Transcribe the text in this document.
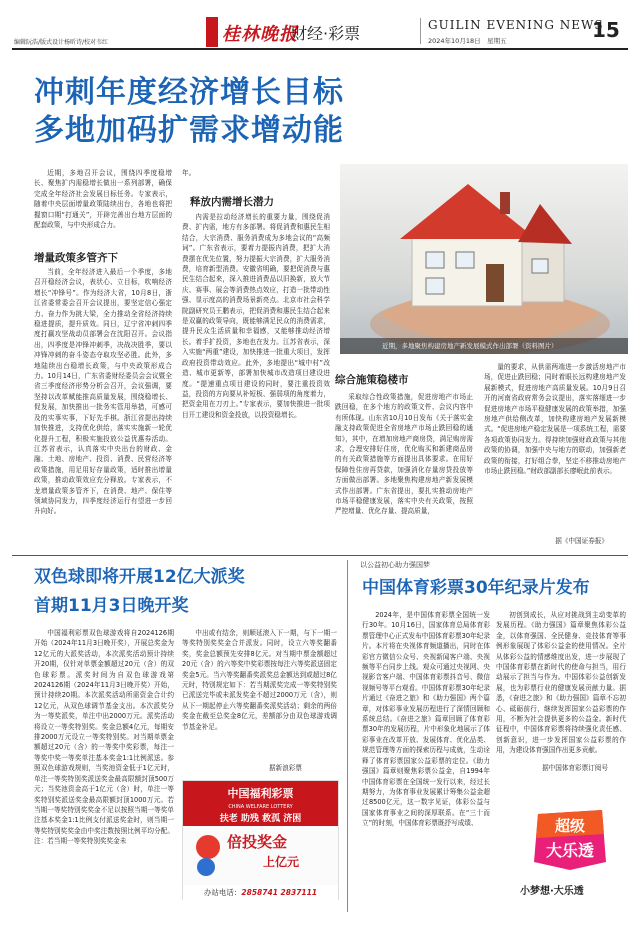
编辑阮浩/版式设计杨昕诗/校对韦红	桂林晚报
财经·彩票	GUILIN EVENING NEWS
2024年10月18日　星期五	15
冲刺年度经济增长目标
多地加码扩需求增动能

近期，多地召开会议，围绕四季度稳增长、聚焦扩内需稳增长做出一系列部署，确保完成全年经济社会发展目标任务。专家表示，随着中央层面增量政策陆续出台，各地也将把握窗口期“打通关”，开辟完善出台地方层面的配套政策，与中央形成合力。

增量政策多管齐下

当前，全年经济进入最后一个季度，多地召开稳经济会议，表状心、立目标，吹响经济增长“冲锋号”。作为经济大省，10月8日，浙江省委常委会召开会议提出，要坚定信心强定力、奋力作为挑大梁，全力推动全省经济持续稳进提质，提升质效。同日，辽宁省冲刺四季度打赢攻坚战动员部署会在沈阳召开。会议指出，四季度是冲锋冲刺季，决战决胜季，要以冲锋冲刺的奋斗姿态夺取攻坚必胜。此外，多地陆续出台稳增长政策，与中央政策形成合力。10月14日，广东省委财经委员会会议暨全省三季度经济形势分析会召开，会议强调，要坚持以改革赋能推高质量发展，围绕稳增长、促发展，加快推出一批务实管用举措，可感可及的实事实事，下好先手棋。浙江省提出持续加快推进，支持优化供给，落实实施新一轮优化提升工程，积极实施投放公益优惠券活动。江苏省表示，认真落实中央出台的财政、金融、土地、房地产、投资、消费、民营经济等政策措施，用足用好存量政策，适时推出增量政策，推动政策效应充分释放。专家表示，不龙增量政策多管齐下，在消费、地产、保住等领域协同发力，四季度经济运行有望进一步回升向好。

年。
释放内需增长潜力

内需是拉动经济增长的重要力量，围绕促消费、扩内需，地方有多部署。将促消费和惠民生相结合，大宗消费、服务消费成为多地会议的“高频词”。广东省表示，要着力提振内消费，把扩大消费摆在优先位置，努力提振大宗消费，扩大服务消费，培育新型消费。安徽省明确，要把促消费与惠民生结合起来，深入推进消费品以旧换新，放大节庆、赛事、展会等消费热点效应，打造一批带动性强、显示度高的消费场景新亮点。北京市社会科学院副研究员王鹏表示，把促消费和惠民生结合起来是双赢的政策导向，既能够满足民众的消费需求，提升民众生活质量和幸福感，又能够推动经济增长。着手扩投资，多地也在发力。江苏省表示，深入实施“两重”建设，加快推进一批重大项目，发挥政府投资带动效应。此外，多地提出“城中村”改造、城市更新等，部署加快城市改造项目建设进度。“提速重点项目建设的同时，要注重投资效益，投资的方向要从补短板、强弱项的角度着力，把资金用在刀刃上。”专家表示，要加快推进一批项目开工建设和资金投放，以投资稳增长。

近期，多地聚焦构建房地产新发展模式作出部署（资料图片）
综合施策稳楼市

采取综合性政策措施，促进房地产市场止跌回稳，在多个地方的政策文件、会议内容中有所体现。山东省10月10日发布《关于落实金融支持政策促进全省房地产市场止跌回稳的通知》，其中，在增加房地产商房贷，满足购房需求，合理安排好住房，优化购买和新建商品房的有关政策措施等方面提出具体要求。在用好保障性住房再贷款，加强消化存量房贷投放等方面做出部署。多地聚焦构建房地产新发展模式作出部署。广东省提出，要扎实推动房地产市场平稳健康发展，落实中央有关政策，按照严控增量、优化存量、提高质量，

量的要求，从供需两端进一步激活房地产市场，促进止跌回稳；同时着眼长远构建房地产发展新模式，促进房地产高质量发展。10月9日召开的河南省政府常务会议提出，落实落细进一步促进房地产市场平稳健康发展的政策举措，加强房地产供给侧改革，加快构建房地产发展新模式。“促进房地产稳定发展是一项系统工程，需要各项政策协同发力。得持续加强财政政策与其他政策的协调，加强中央与地方的联动，加强新老政策的衔接，打好组合拳，坚定不移推动房地产市场止跌回稳。”财政部副部长廖岷此前表示。

据《中国证券报》
双色球即将开展12亿大派奖
首期11月3日晚开奖

中国福利彩票双色球游戏将自2024126期开始（2024年11月3日晚开奖），开展总奖金为12亿元的大派奖活动，本次派奖活动预计持续开20期，仅针对单票金额超过20元（含）的双色球彩票。派奖时间为自双色球游戏第2024126期（2024年11月3日晚开奖）开始，预计持续20期。本次派奖活动所需资金合计约12亿元，从双色球调节基金支出。本次派奖分为一等奖派奖，单注中出2000万元。派奖活动将设立一等奖特别奖。奖金总额4亿元，每期安排2000万元设立一等奖特别奖。对当期单票金额超过20元（含）的一等奖中奖彩票，每注一等奖中奖一等奖单注基本奖金1:1比例派送。参照双色球游戏规则，当奖池资金低于1亿元时，单注一等奖特别奖派送奖金最高限额封顶500万元；当奖池资金高于1亿元（含）时，单注一等奖特别奖派送奖金最高限额封顶1000万元。若当期一等奖特别奖奖金不足以按照当期一等奖单注基本奖金1:1比例支付派送奖金时，则当期一等奖特别奖奖金由中奖注数按照比例平均分配。注：若当期一等奖特别奖奖金未

中出或有结余，则顺延滚入下一期，与下一期一等奖特别奖奖金合并派发。同时，设立六等奖翻番奖，奖金总额预先安排8亿元。对当期中票金额超过20元（含）的六等奖中奖彩票按每注六等奖派送固定奖金5元。当六等奖翻番奖派奖总金额达到或超过8亿元时，特别规定如下：若当期派奖完成一等奖特别奖已派送完毕或未派发奖金不超过2000万元（含），则从下一期起停止六等奖翻番奖派奖活动；剩余的两倍奖金在截至总奖金8亿元，差额部分由双色球游戏调节基金补足。

据新浪彩票
中国福利彩票
CHINA WELFARE LOTTERY
扶老 助残 救孤 济困
倍投奖金
上亿元
办站电话：2858741 2837111
以公益初心助力强国梦
中国体育彩票30年纪录片发布

2024年，是中国体育彩票全国统一发行30年。10月16日，国家体育总局体育彩票管理中心正式发布中国体育彩票30年纪录片。本片将在央视体育频道播出，同时在体彩官方微信公众号、央视新闻客户端、央视频等平台同步上线。观众可通过央视网、央视影音客户端、中国体育彩票抖音号、微信视频号等平台观看。中国体育彩票30年纪录片通过《奋进之旅》和《助力强国》两个篇章，对体彩事业发展历程进行了深情回顾和系统总结。《奋进之旅》篇章回顾了体育彩票30年的发展历程，片中形象化地展示了体彩事业在改革开放、发展体育、优化品类、规范管理等方面的探索历程与成就，生动诠释了体育彩票国家公益彩票的定位。《助力强国》篇章则聚焦彩票公益金，自1994年中国体育彩票在全国统一发行以来，经过长期努力，为体育事业发展累计筹集公益金超过8500亿元，这一数字见证，体彩公益与国家体育事业之间的深厚联系。在“三十而立”的时刻，中国体育彩票既抒写成绩、

初创到成长，从应对挑战到主动变革的发展历程。《助力强国》篇章聚焦体彩公益金，以体育强国、全民健身、竞技体育等事例形象展现了体彩公益金的使用情况。全片从体彩公益的情感维度出发，进一步展现了中国体育彩票在新时代的使命与担当，用行动展示了担当与作为。中国体彩公益创新发展，也为彩票行业的健康发展贡献力量。据悉，《奋进之旅》和《助力强国》篇章不忘初心、砥砺前行，继续发挥国家公益彩票的作用，不断为社会提供更多的公益金。新时代征程中，中国体育彩票将持续强化责任感、创新意识，进一步发挥国家公益彩票的作用，为建设体育强国作出更多贡献。

据中国体育彩票订阅号
超级
大乐透
小梦想·大乐透
